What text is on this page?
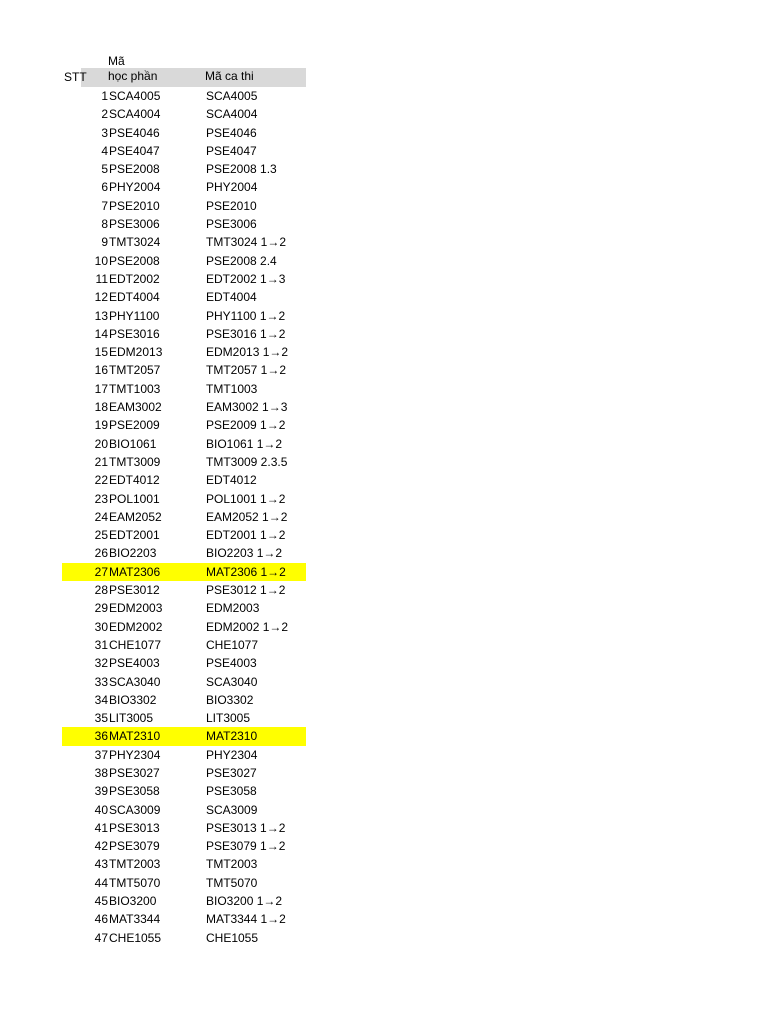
Mã
STT học phần	Mã ca thi
1 SCA4005	SCA4005
2 SCA4004	SCA4004
3 PSE4046	PSE4046
4 PSE4047	PSE4047
5 PSE2008	PSE2008 1.3
6 PHY2004	PHY2004
7 PSE2010	PSE2010
8 PSE3006	PSE3006
9 TMT3024	TMT3024 1→2
10 PSE2008	PSE2008 2.4
11 EDT2002	EDT2002 1→3
12 EDT4004	EDT4004
13 PHY1100	PHY1100 1→2
14 PSE3016	PSE3016 1→2
15 EDM2013	EDM2013 1→2
16 TMT2057	TMT2057 1→2
17 TMT1003	TMT1003
18 EAM3002	EAM3002 1→3
19 PSE2009	PSE2009 1→2
20 BIO1061	BIO1061 1→2
21 TMT3009	TMT3009 2.3.5
22 EDT4012	EDT4012
23 POL1001	POL1001 1→2
24 EAM2052	EAM2052 1→2
25 EDT2001	EDT2001 1→2
26 BIO2203	BIO2203 1→2
27 MAT2306	MAT2306 1→2
28 PSE3012	PSE3012 1→2
29 EDM2003	EDM2003
30 EDM2002	EDM2002 1→2
31 CHE1077	CHE1077
32 PSE4003	PSE4003
33 SCA3040	SCA3040
34 BIO3302	BIO3302
35 LIT3005	LIT3005
36 MAT2310	MAT2310
37 PHY2304	PHY2304
38 PSE3027	PSE3027
39 PSE3058	PSE3058
40 SCA3009	SCA3009
41 PSE3013	PSE3013 1→2
42 PSE3079	PSE3079 1→2
43 TMT2003	TMT2003
44 TMT5070	TMT5070
45 BIO3200	BIO3200 1→2
46 MAT3344	MAT3344 1→2
47 CHE1055	CHE1055
